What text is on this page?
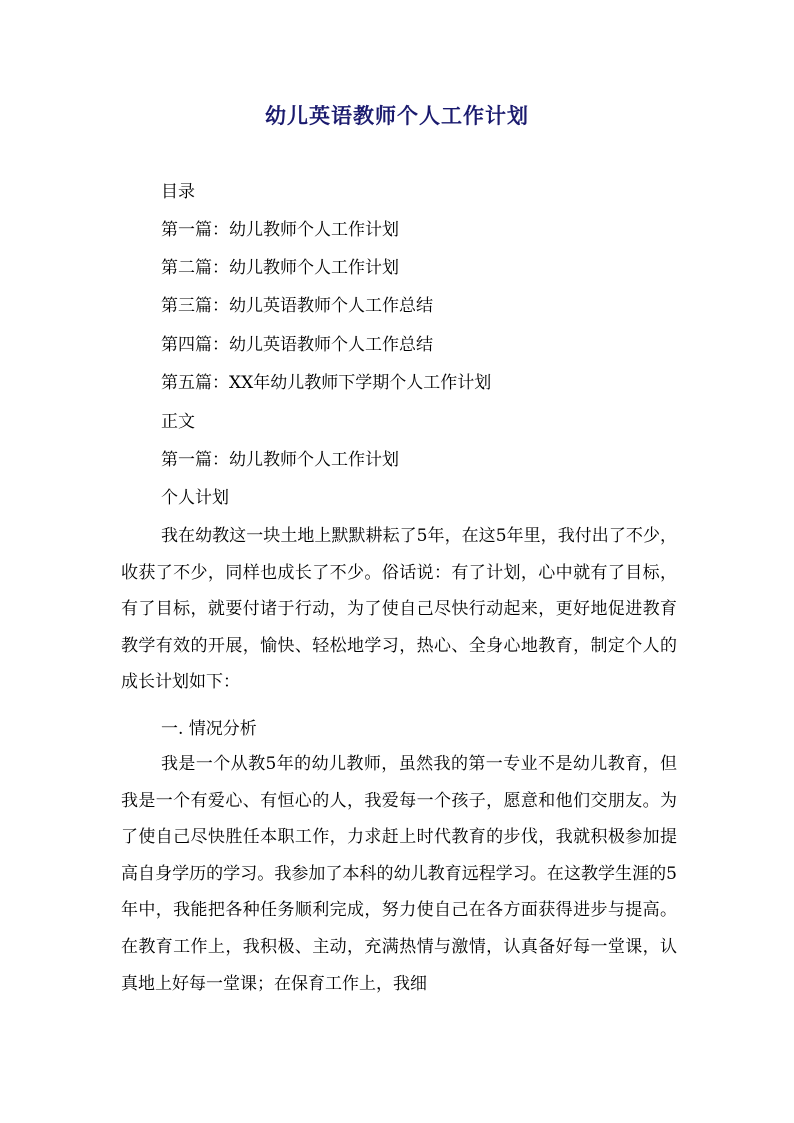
幼儿英语教师个人工作计划

目录

第一篇：幼儿教师个人工作计划

第二篇：幼儿教师个人工作计划

第三篇：幼儿英语教师个人工作总结

第四篇：幼儿英语教师个人工作总结

第五篇：XX年幼儿教师下学期个人工作计划

正文

第一篇：幼儿教师个人工作计划

个人计划

我在幼教这一块土地上默默耕耘了5年，在这5年里，我付出了不少，收获了不少，同样也成长了不少。俗话说：有了计划，心中就有了目标，有了目标，就要付诸于行动，为了使自己尽快行动起来，更好地促进教育教学有效的开展，愉快、轻松地学习，热心、全身心地教育，制定个人的成长计划如下：

一. 情况分析

我是一个从教5年的幼儿教师，虽然我的第一专业不是幼儿教育，但我是一个有爱心、有恒心的人，我爱每一个孩子，愿意和他们交朋友。为了使自己尽快胜任本职工作，力求赶上时代教育的步伐，我就积极参加提高自身学历的学习。我参加了本科的幼儿教育远程学习。在这教学生涯的5年中，我能把各种任务顺利完成，努力使自己在各方面获得进步与提高。在教育工作上，我积极、主动，充满热情与激情，认真备好每一堂课，认真地上好每一堂课；在保育工作上，我细
